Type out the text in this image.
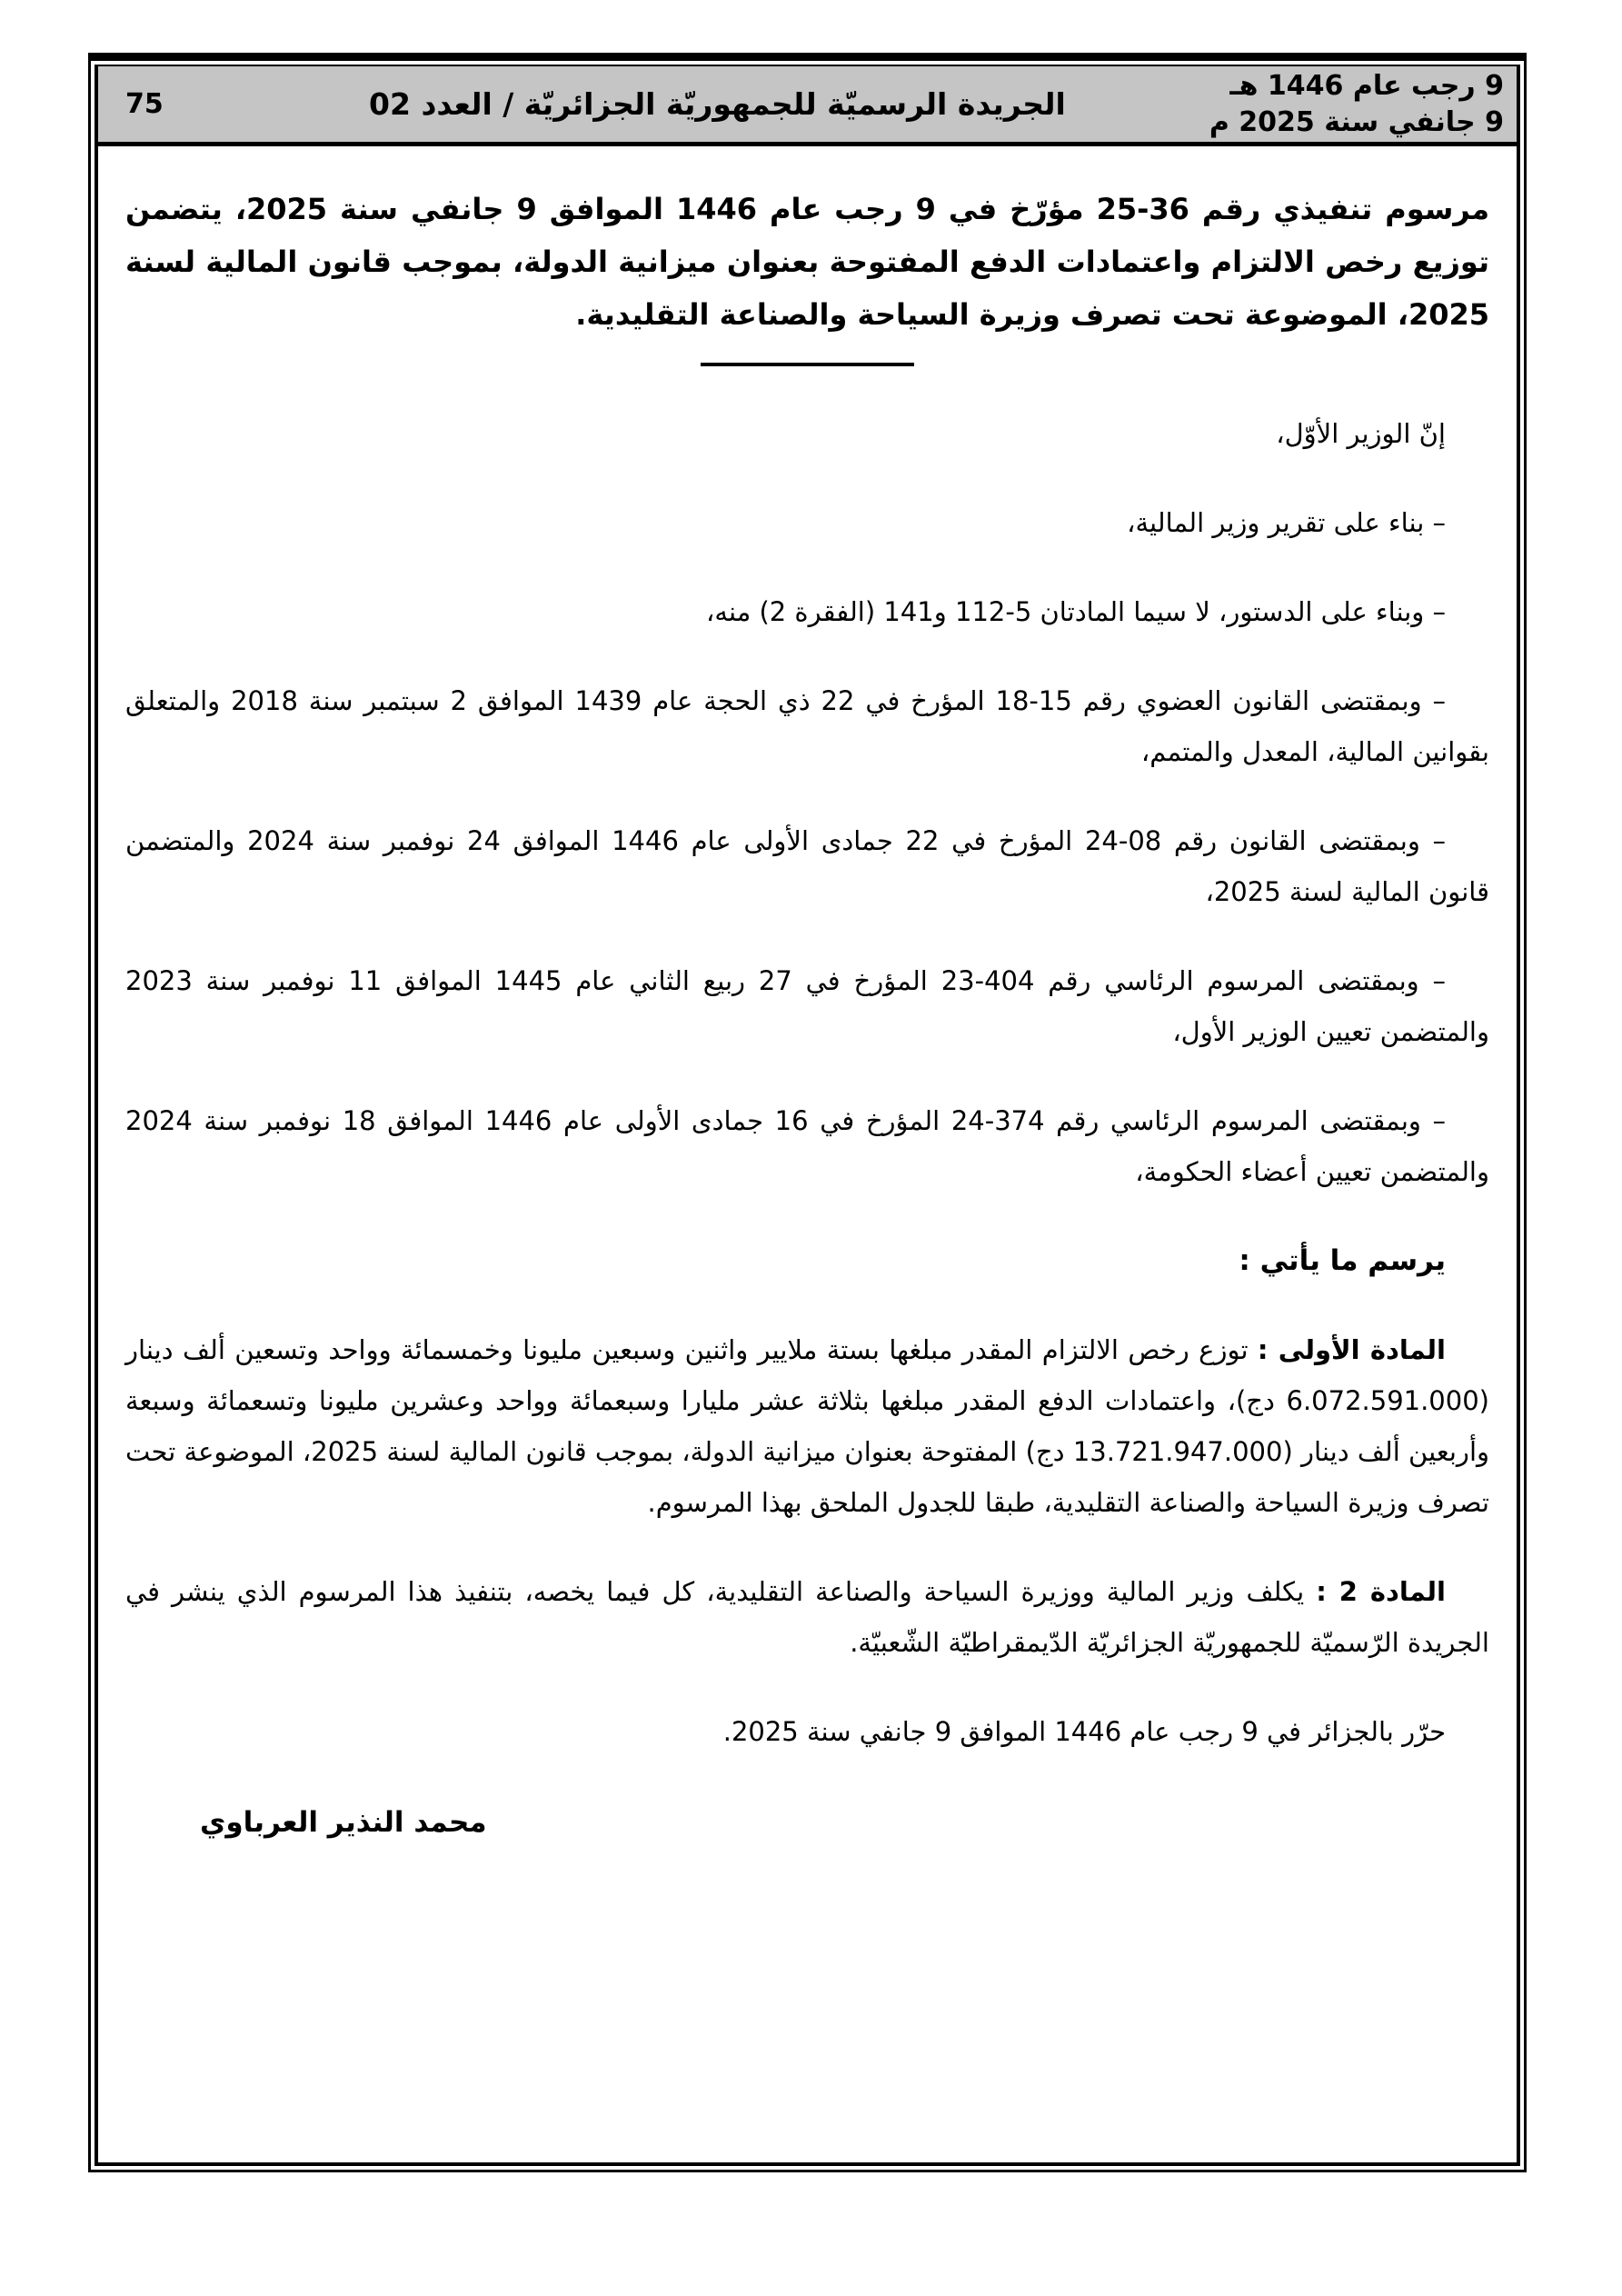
75	الجريدة الرسميّة للجمهوريّة الجزائريّة / العدد 02
9 رجب عام 1446 هـ
9 جانفي سنة 2025 م

مرسوم تنفيذي رقم 36-25 مؤرّخ في 9 رجب عام 1446 الموافق 9 جانفي سنة 2025، يتضمن توزيع رخص الالتزام واعتمادات الدفع المفتوحة بعنوان ميزانية الدولة، بموجب قانون المالية لسنة 2025، الموضوعة تحت تصرف وزيرة السياحة والصناعة التقليدية.

إنّ الوزير الأوّل،

– بناء على تقرير وزير المالية،

– وبناء على الدستور، لا سيما المادتان 5-112 و141 (الفقرة 2) منه،

– وبمقتضى القانون العضوي رقم 15-18 المؤرخ في 22 ذي الحجة عام 1439 الموافق 2 سبتمبر سنة 2018 والمتعلق بقوانين المالية، المعدل والمتمم،

– وبمقتضى القانون رقم 08-24 المؤرخ في 22 جمادى الأولى عام 1446 الموافق 24 نوفمبر سنة 2024 والمتضمن قانون المالية لسنة 2025،

– وبمقتضى المرسوم الرئاسي رقم 404-23 المؤرخ في 27 ربيع الثاني عام 1445 الموافق 11 نوفمبر سنة 2023 والمتضمن تعيين الوزير الأول،

– وبمقتضى المرسوم الرئاسي رقم 374-24 المؤرخ في 16 جمادى الأولى عام 1446 الموافق 18 نوفمبر سنة 2024 والمتضمن تعيين أعضاء الحكومة،

يرسم ما يأتي :

المادة الأولى : توزع رخص الالتزام المقدر مبلغها بستة ملايير واثنين وسبعين مليونا وخمسمائة وواحد وتسعين ألف دينار (6.072.591.000 دج)، واعتمادات الدفع المقدر مبلغها بثلاثة عشر مليارا وسبعمائة وواحد وعشرين مليونا وتسعمائة وسبعة وأربعين ألف دينار (13.721.947.000 دج) المفتوحة بعنوان ميزانية الدولة، بموجب قانون المالية لسنة 2025، الموضوعة تحت تصرف وزيرة السياحة والصناعة التقليدية، طبقا للجدول الملحق بهذا المرسوم.

المادة 2 : يكلف وزير المالية ووزيرة السياحة والصناعة التقليدية، كل فيما يخصه، بتنفيذ هذا المرسوم الذي ينشر في الجريدة الرّسميّة للجمهوريّة الجزائريّة الدّيمقراطيّة الشّعبيّة.

حرّر بالجزائر في 9 رجب عام 1446 الموافق 9 جانفي سنة 2025.

محمد النذير العرباوي
